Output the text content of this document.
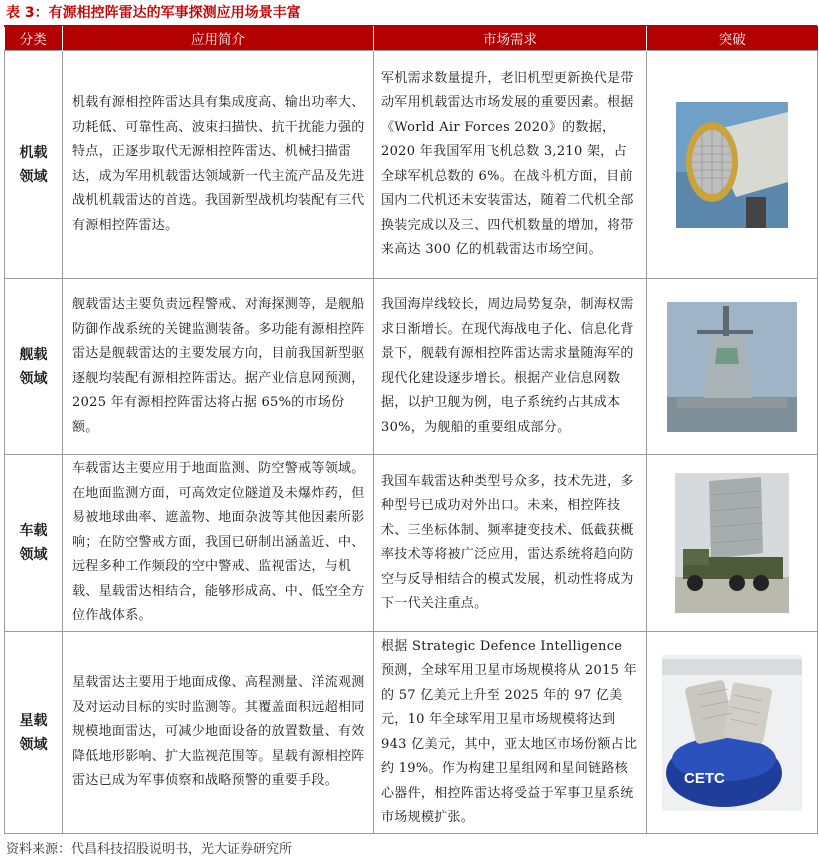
表 3：有源相控阵雷达的军事探测应用场景丰富
分类	应用简介	市场需求	突破
机载
领域	机载有源相控阵雷达具有集成度高、输出功率大、功耗低、可靠性高、波束扫描快、抗干扰能力强的特点，正逐步取代无源相控阵雷达、机械扫描雷达，成为军用机载雷达领域新一代主流产品及先进战机机载雷达的首选。我国新型战机均装配有三代有源相控阵雷达。	军机需求数量提升，老旧机型更新换代是带动军用机载雷达市场发展的重要因素。根据《World Air Forces 2020》的数据，2020 年我国军用飞机总数 3,210 架，占全球军机总数的 6%。在战斗机方面，目前国内二代机还未安装雷达，随着二代机全部换装完成以及三、四代机数量的增加，将带来高达 300 亿的机载雷达市场空间。	

舰载
领域	舰载雷达主要负责远程警戒、对海探测等，是舰船防御作战系统的关键监测装备。多功能有源相控阵雷达是舰载雷达的主要发展方向，目前我国新型驱逐舰均装配有源相控阵雷达。据产业信息网预测，2025 年有源相控阵雷达将占据 65%的市场份额。	我国海岸线较长，周边局势复杂，制海权需求日渐增长。在现代海战电子化、信息化背景下，舰载有源相控阵雷达需求量随海军的现代化建设逐步增长。根据产业信息网数据，以护卫舰为例，电子系统约占其成本 30%，为舰船的重要组成部分。	

车载
领域	车载雷达主要应用于地面监测、防空警戒等领域。在地面监测方面，可高效定位隧道及未爆炸药，但易被地球曲率、遮盖物、地面杂波等其他因素所影响；在防空警戒方面，我国已研制出涵盖近、中、远程多种工作频段的空中警戒、监视雷达，与机载、星载雷达相结合，能够形成高、中、低空全方位作战体系。	我国车载雷达种类型号众多，技术先进，多种型号已成功对外出口。未来，相控阵技术、三坐标体制、频率捷变技术、低截获概率技术等将被广泛应用，雷达系统将趋向防空与反导相结合的模式发展，机动性将成为下一代关注重点。	

星载
领域	星载雷达主要用于地面成像、高程测量、洋流观测及对运动目标的实时监测等。其覆盖面积远超相同规模地面雷达，可减少地面设备的放置数量、有效降低地形影响、扩大监视范围等。星载有源相控阵雷达已成为军事侦察和战略预警的重要手段。	根据 Strategic Defence Intelligence 预测，全球军用卫星市场规模将从 2015 年的 57 亿美元上升至 2025 年的 97 亿美元，10 年全球军用卫星市场规模将达到 943 亿美元，其中，亚太地区市场份额占比约 19%。作为构建卫星组网和星间链路核心器件，相控阵雷达将受益于军事卫星系统市场规模扩张。	CETC
资料来源：代昌科技招股说明书，光大证券研究所
